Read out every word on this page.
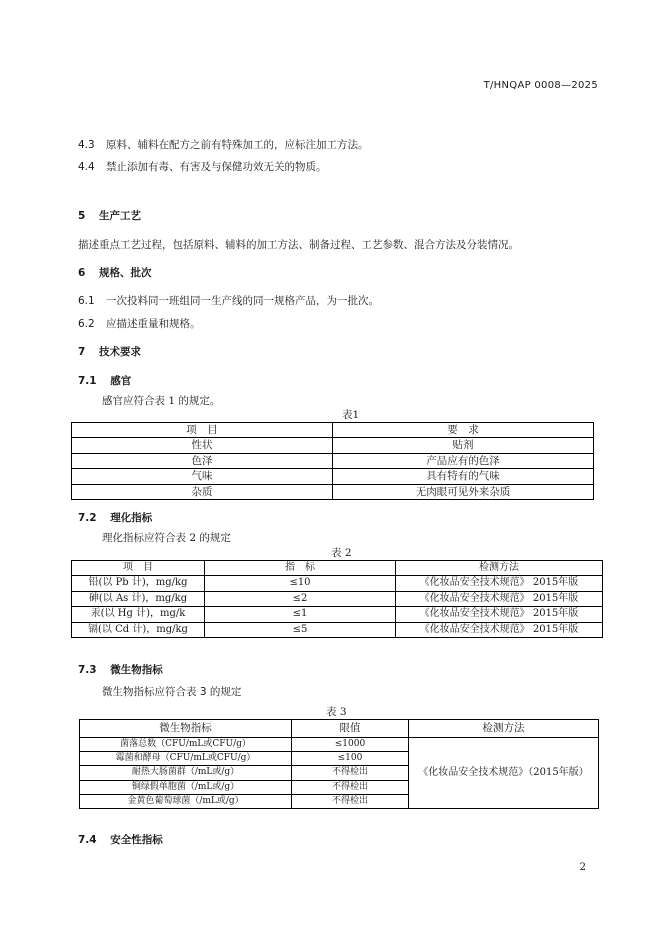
T/HNQAP 0008—2025
4.3 原料、辅料在配方之前有特殊加工的，应标注加工方法。
4.4 禁止添加有毒、有害及与保健功效无关的物质。
5 生产工艺
描述重点工艺过程，包括原料、辅料的加工方法、制备过程、工艺参数、混合方法及分装情况。
6 规格、批次
6.1 一次投料同一班组同一生产线的同一规格产品，为一批次。
6.2 应描述重量和规格。
7 技术要求
7.1 感官
感官应符合表 1 的规定。
表1
项　目	要　求
性状	贴剂
色泽	产品应有的色泽
气味	具有特有的气味
杂质	无肉眼可见外来杂质
7.2 理化指标
理化指标应符合表 2 的规定
表 2
项　目	指　标	检测方法
铅(以 Pb 计)，mg/kg	≤10	《化妆品安全技术规范》 2015年版
砷(以 As 计)，mg/kg	≤2	《化妆品安全技术规范》 2015年版
汞(以 Hg 计)，mg/k	≤1	《化妆品安全技术规范》 2015年版
镉(以 Cd 计)，mg/kg	≤5	《化妆品安全技术规范》 2015年版
7.3 微生物指标
微生物指标应符合表 3 的规定
表 3
微生物指标	限值	检测方法
菌落总数（CFU/mL或CFU/g）	≤1000	《化妆品安全技术规范》（2015年版）
霉菌和酵母（CFU/mL或CFU/g）	≤100	
耐热大肠菌群（/mL或/g）	不得检出	
铜绿假单胞菌（/mL或/g）	不得检出	
金黄色葡萄球菌（/mL或/g）	不得检出	
7.4 安全性指标
2
